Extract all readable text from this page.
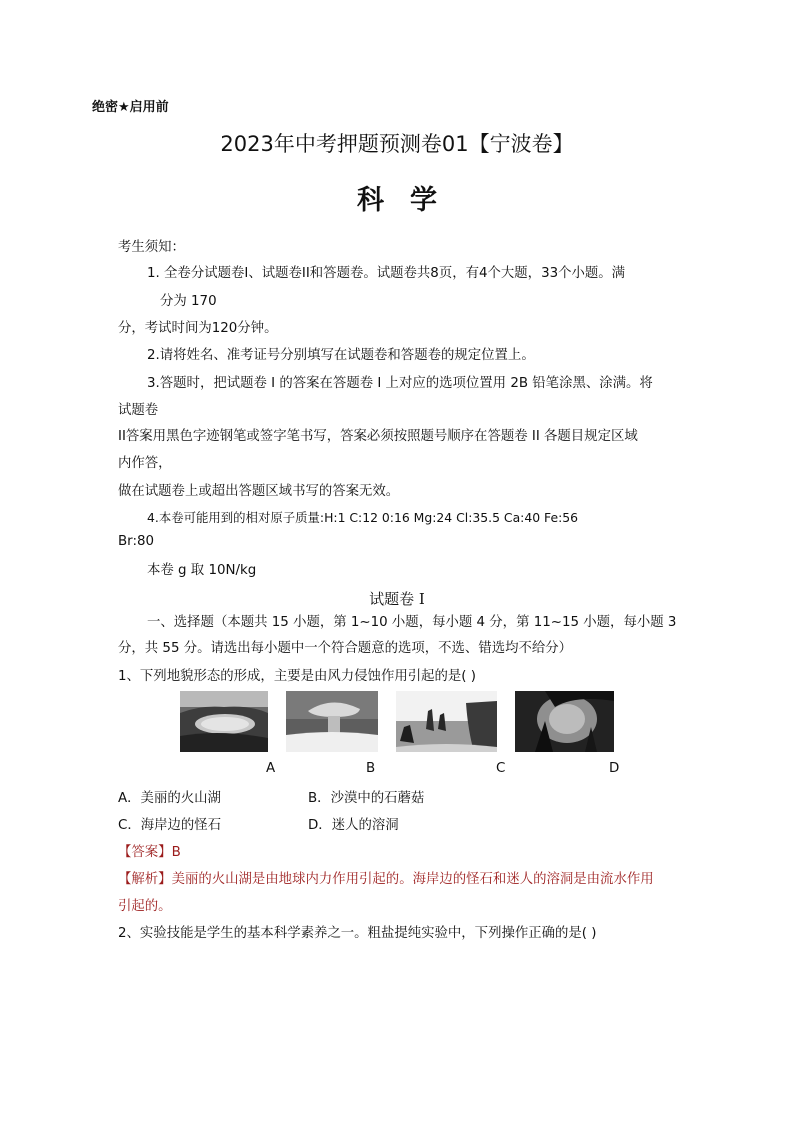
绝密★启用前
2023年中考押题预测卷01【宁波卷】
科学
考生须知：
1. 全卷分试题卷I、试题卷II和答题卷。试题卷共8页，有4个大题，33个小题。满
分为 170
分，考试时间为120分钟。
2.请将姓名、准考证号分别填写在试题卷和答题卷的规定位置上。
3.答题时，把试题卷 I 的答案在答题卷 I 上对应的选项位置用 2B 铅笔涂黑、涂满。将
试题卷
II答案用黑色字迹钢笔或签字笔书写，答案必须按照题号顺序在答题卷 II 各题目规定区域
内作答，
做在试题卷上或超出答题区域书写的答案无效。
4.本卷可能用到的相对原子质量:H:1 C:12 0:16 Mg:24 Cl:35.5 Ca:40 Fe:56
Br:80
本卷 g 取 10N/kg
试题卷 I
一、选择题（本题共 15 小题，第 1~10 小题，每小题 4 分，第 11~15 小题，每小题 3
分，共 55 分。请选出每小题中一个符合题意的选项，不选、错选均不给分）
1、下列地貌形态的形成，主要是由风力侵蚀作用引起的是( )
A	B	C	D
A．美丽的火山湖	B．沙漠中的石蘑菇
C．海岸边的怪石	D．迷人的溶洞
【答案】B
【解析】美丽的火山湖是由地球内力作用引起的。海岸边的怪石和迷人的溶洞是由流水作用
引起的。
2、实验技能是学生的基本科学素养之一。粗盐提纯实验中，下列操作正确的是( )
